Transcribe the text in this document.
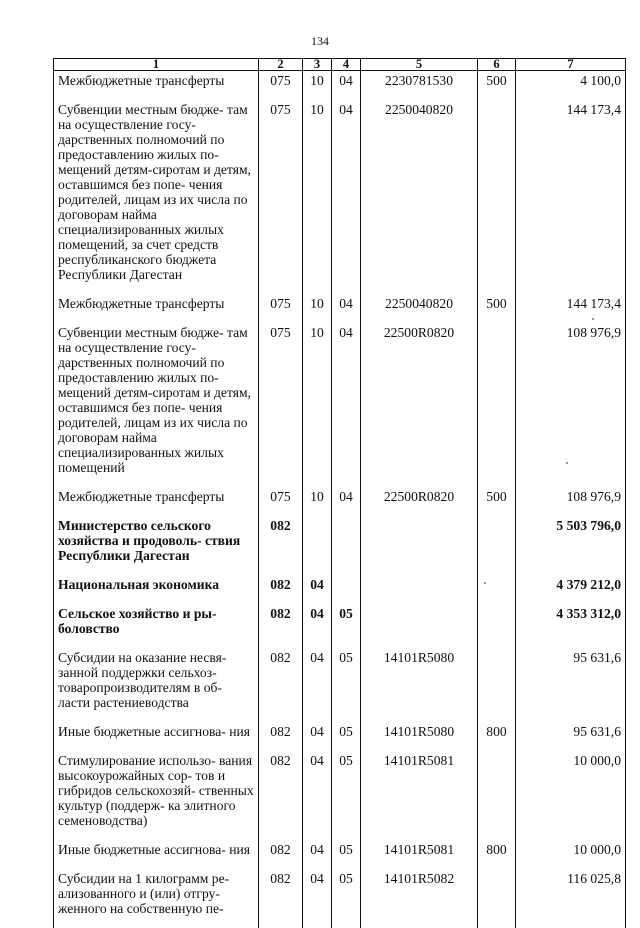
134
1	2	3	4	5	6	7
Межбюджетные трансферты	075	10	04	2230781530	500	4 100,0

Субвенции местным бюдже- там на осуществление госу- дарственных полномочий по предоставлению жилых по- мещений детям-сиротам и детям, оставшимся без попе- чения родителей, лицам из их числа по договорам найма специализированных жилых помещений, за счет средств республиканского бюджета Республики Дагестан	075	10	04	2250040820		144 173,4

Межбюджетные трансферты	075	10	04	2250040820	500	144 173,4

Субвенции местным бюдже- там на осуществление госу- дарственных полномочий по предоставлению жилых по- мещений детям-сиротам и детям, оставшимся без попе- чения родителей, лицам из их числа по договорам найма специализированных жилых помещений	075	10	04	22500R0820		108 976,9

Межбюджетные трансферты	075	10	04	22500R0820	500	108 976,9

Министерство сельского хозяйства и продоволь- ствия Республики Дагестан	082					5 503 796,0

Национальная экономика	082	04				4 379 212,0

Сельское хозяйство и ры- боловство	082	04	05			4 353 312,0

Субсидии на оказание несвя- занной поддержки сельхоз- товаропроизводителям в об- ласти растениеводства	082	04	05	14101R5080		95 631,6

Иные бюджетные ассигнова- ния	082	04	05	14101R5080	800	95 631,6

Стимулирование использо- вания высокоурожайных сор- тов и гибридов сельскохозяй- ственных культур (поддерж- ка элитного семеноводства)	082	04	05	14101R5081		10 000,0

Иные бюджетные ассигнова- ния	082	04	05	14101R5081	800	10 000,0

Субсидии на 1 килограмм ре- ализованного и (или) отгру- женного на собственную пе-	082	04	05	14101R5082		116 025,8
